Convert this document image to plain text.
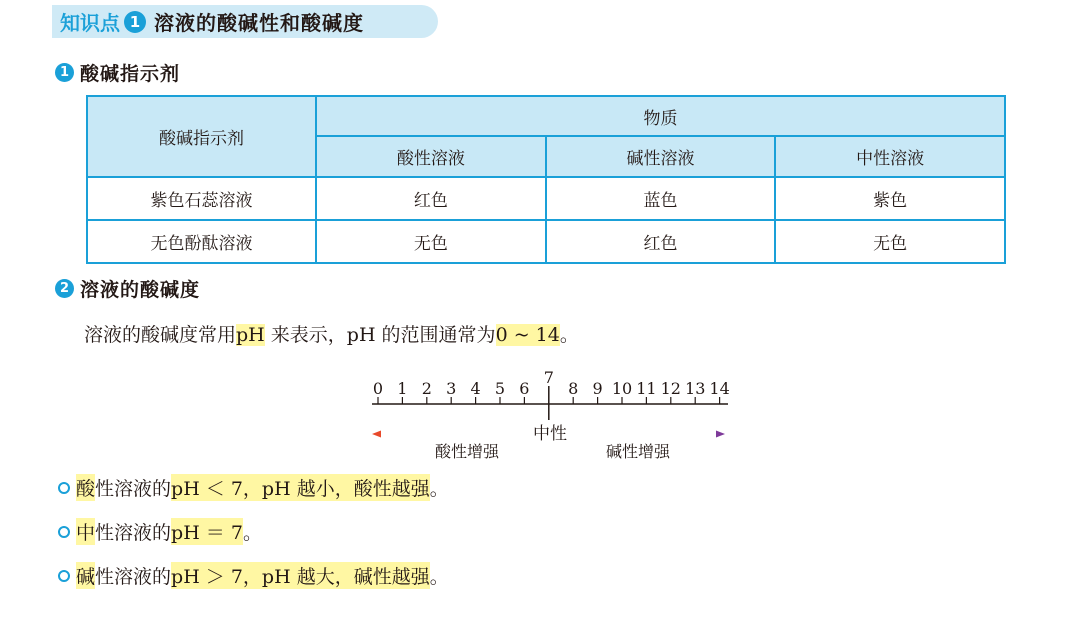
知识点 1 溶液的酸碱性和酸碱度
1 酸碱指示剂
酸碱指示剂	物质		
	酸性溶液	碱性溶液	中性溶液
紫色石蕊溶液	红色	蓝色	紫色
无色酚酞溶液	无色	红色	无色
2 溶液的酸碱度
溶液的酸碱度常用pH 来表示，pH 的范围通常为0 ~ 14。
0 1 2 3 4 5 6
7
8 9 10 11 12 13 14
中性
酸性增强	碱性增强
酸 性溶液的 pH ＜ 7，pH 越小，酸性越强 。
中 性溶液的 pH ＝ 7 。
碱 性溶液的 pH ＞ 7，pH 越大，碱性越强 。
